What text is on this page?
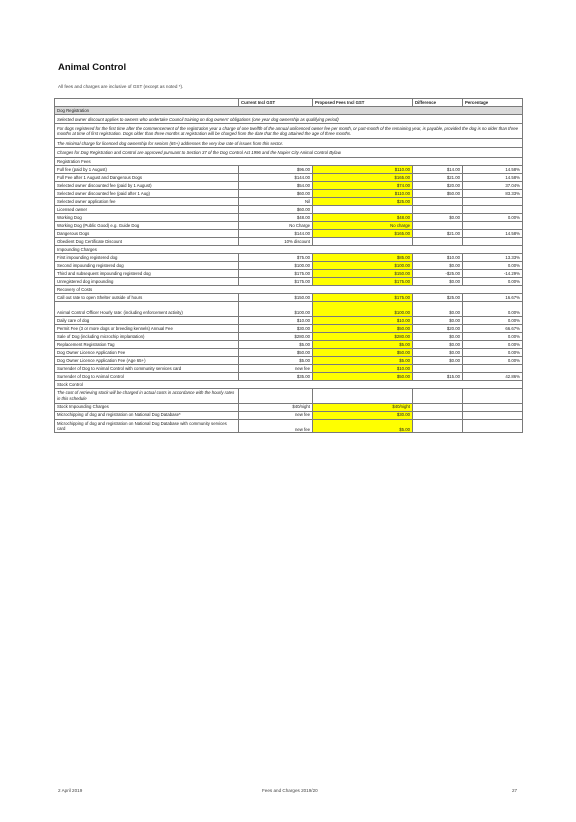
Animal Control
All fees and charges are inclusive of GST (except as noted *).
	Current Incl GST	Proposed Fees Incl GST	Difference	Percentage
Dog Registration				
Selected owner discount applies to owners who undertake Council training on dog owners' obligations (one year dog ownership as qualifying period)				
For dogs registered for the first time after the commencement of the registration year a charge of one twelfth of the annual unlicenced owner fee per month, or part-month of the remaining year, is payable, provided the dog is no older than three months at time of first registration. Dogs older than three months at registration will be charged from the date that the dog attained the age of three months.				
The minimal charge for licenced dog ownership for seniors (65+) addresses the very low rate of issues from this sector.				
Charges for Dog Registration and Control are approved pursuant to Section 37 of the Dog Control Act 1996 and the Napier City Animal Control Bylaw.				
Registration Fees				
Full fee (paid by 1 August)	$96.00	$110.00	$14.00	14.58%
Full Fee after 1 August and Dangerous Dogs	$144.00	$165.00	$21.00	14.58%
Selected owner discounted fee (paid by 1 August)	$54.00	$74.00	$20.00	37.04%
Selected owner discounted fee (paid after 1 Aug)	$60.00	$110.00	$50.00	83.33%
Selected owner application fee	Nil	$25.00		
Licensed owner	$60.00			
Working Dog	$48.00	$48.00	$0.00	0.00%
Working Dog (Public Good) e.g. Guide Dog	No Charge	No charge		
Dangerous Dogs	$144.00	$165.00	$21.00	14.58%
Obedient Dog Certificate Discount	10% discount			
Impounding Charges				
First impounding registered dog	$75.00	$85.00	$10.00	13.33%
Second impounding registered dog	$100.00	$100.00	$0.00	0.00%
Third and subsequent impounding registered dog	$175.00	$150.00	-$25.00	-14.29%
Unregistered dog impounding	$175.00	$175.00	$0.00	0.00%
Recovery of Costs				
Call out rate to open Shelter outside of hours	$150.00	$175.00	$25.00	16.67%
Animal Control Officer Hourly rate: (including enforcement activity)	$100.00	$100.00	$0.00	0.00%
Daily care of dog	$10.00	$10.00	$0.00	0.00%
Permit Fee (3 or more dogs or breeding kennels) Annual Fee	$30.00	$50.00	$20.00	66.67%
Sale of Dog (including microchip implantation)	$280.00	$280.00	$0.00	0.00%
Replacement Registration Tag	$5.00	$5.00	$0.00	0.00%
Dog Owner Licence Application Fee	$50.00	$50.00	$0.00	0.00%
Dog Owner Licence Application Fee (Age 65+)	$5.00	$5.00	$0.00	0.00%
Surrender of Dog to Animal Control with community services card	new fee	$10.00		
Surrender of Dog to Animal Control	$35.00	$50.00	$15.00	42.86%
Stock Control				
The cost of retrieving stock will be charged in actual costs in accordance with the hourly rates in this schedule				
Stock Impounding Charges	$40/night	$40/night		
Microchipping of dog and registration on National Dog Database*	new fee	$30.00		
Microchipping of dog and registration on National Dog Database with community services card	new fee	$5.00		
2 April 2019	Fees and Charges 2019/20	27
